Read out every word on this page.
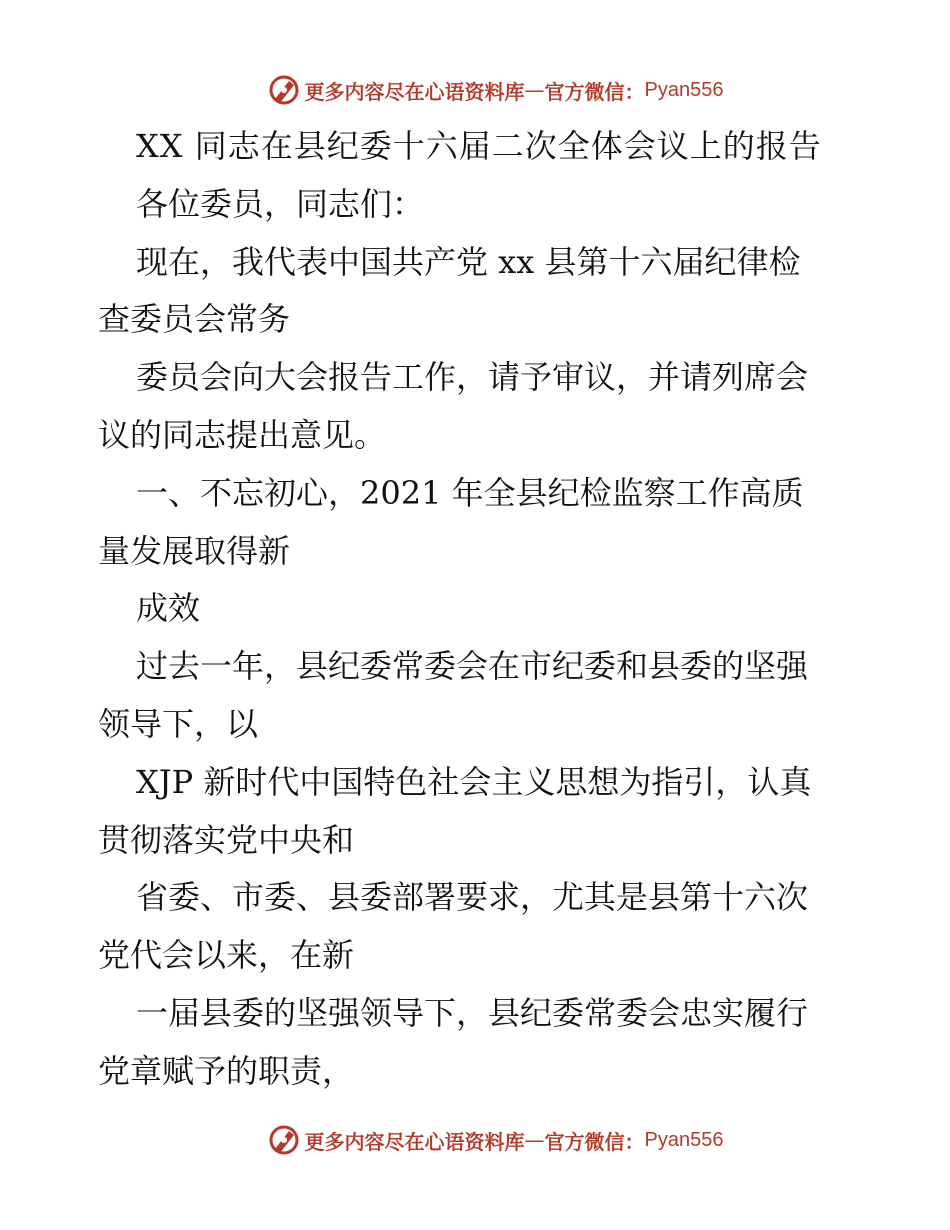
更多内容尽在心语资料库 — 官方微信： Pyan556
XX 同志在县纪委十六届二次全体会议上的报告
各位委员，同志们：
现在，我代表中国共产党 xx 县第十六届纪律检
查委员会常务
委员会向大会报告工作，请予审议，并请列席会
议的同志提出意见。
一、不忘初心，2021 年全县纪检监察工作高质
量发展取得新
成效
过去一年，县纪委常委会在市纪委和县委的坚强
领导下，以
XJP 新时代中国特色社会主义思想为指引，认真
贯彻落实党中央和
省委、市委、县委部署要求，尤其是县第十六次
党代会以来，在新
一届县委的坚强领导下，县纪委常委会忠实履行
党章赋予的职责，
更多内容尽在心语资料库 — 官方微信： Pyan556
